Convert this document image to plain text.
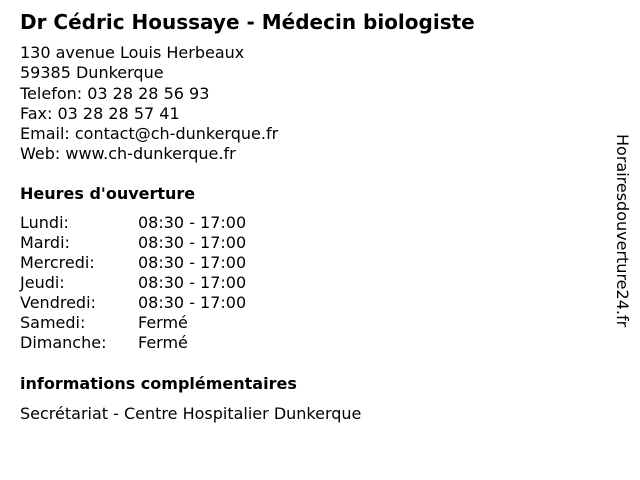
Dr Cédric Houssaye - Médecin biologiste
130 avenue Louis Herbeaux
59385 Dunkerque
Telefon: 03 28 28 56 93
Fax: 03 28 28 57 41
Email: contact@ch-dunkerque.fr
Web: www.ch-dunkerque.fr
Heures d'ouverture
Lundi:	08:30 - 17:00
Mardi:	08:30 - 17:00
Mercredi:	08:30 - 17:00
Jeudi:	08:30 - 17:00
Vendredi:	08:30 - 17:00
Samedi:	Fermé
Dimanche:	Fermé
informations complémentaires
Secrétariat - Centre Hospitalier Dunkerque
Horairesdouverture24.fr
